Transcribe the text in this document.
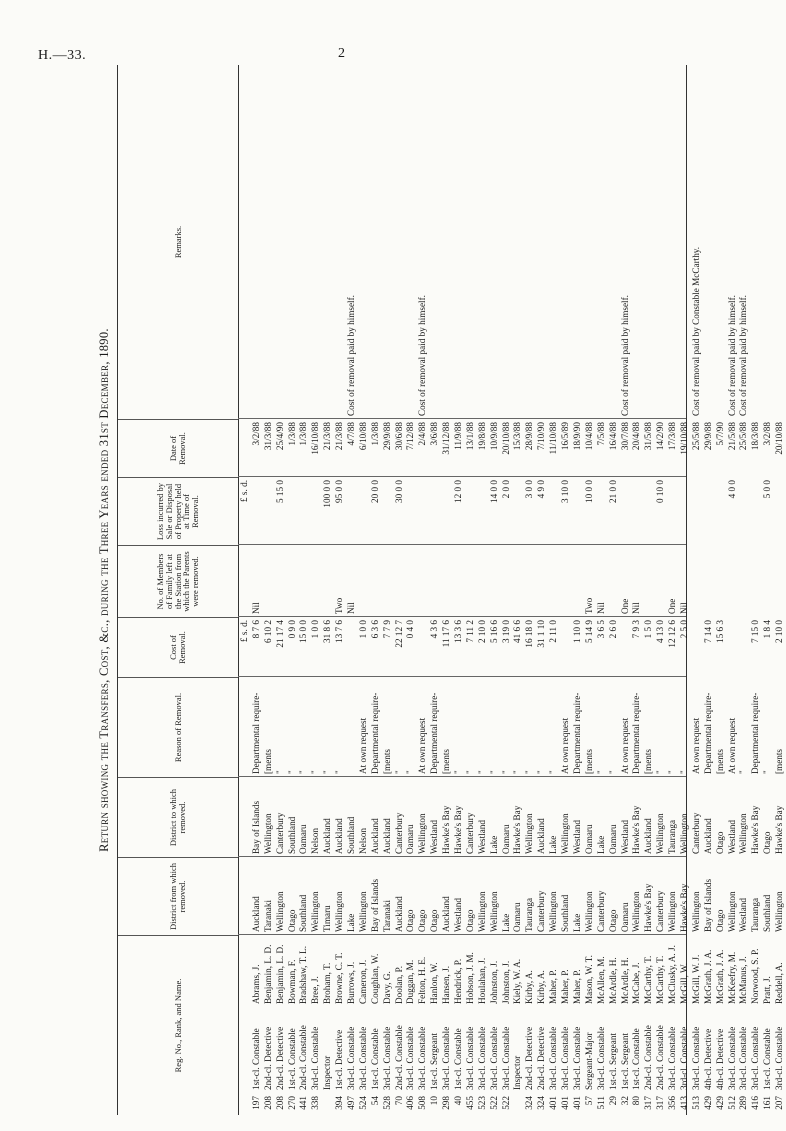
H.—33.	2
Return showing the Transfers, Cost, &c., during the Three Years ended 31st December, 1890.
Reg. No., Rank, and Name.
District from which removed.
District to which removed.
Reason of Removal.
Cost of Removal.
No. of Members of Family left at the Station from which the Parents were removed.
Loss incurred by Sale or Disposal of Property held at Time of Removal.
Date of Removal.
Remarks.
£ s. d.
£ s. d.
197
1st-cl. Constable
Abrams, J.
Auckland
Bay of Islands
Departmental require-
8 7 6
Nil
3/2/88
208
2nd-cl. Detective
Benjamin, L. D.
Taranaki
Wellington
[ments
6 10 2
31/3/88
208
2nd-cl. Detective
Benjamin, L. D.
Wellington
Canterbury
"
21 17 4
5 15 0
25/4/90
270
1st-cl. Constable
Bowman, F.
Otago
Southland
"
0 9 0
1/3/88
441
2nd-cl. Constable
Bradshaw, T. L.
Southland
Oamaru
"
15 0 0
1/3/88
338
3rd-cl. Constable
Bree, J.
Wellington
Nelson
"
1 0 0
16/10/88
Inspector
Broham, T.
Timaru
Auckland
"
31 8 6
100 0 0
21/3/88
394
1st-cl. Detective
Browne, C. T.
Wellington
Auckland
"
13 7 6
Two
95 0 0
21/3/88
497
3rd-cl. Constable
Burrows, J.
Lake
Southland
Nil
4/7/88
Cost of removal paid by himself.
524
3rd-cl. Constable
Cameron, J.
Wellington
Nelson
At own request
1 0 0
6/10/88
54
1st-cl. Constable
Coughlan, W.
Bay of Islands
Auckland
Departmental require-
6 3 6
20 0 0
1/3/88
528
3rd-cl. Constable
Davy, G.
Taranaki
Auckland
[ments
7 7 9
29/9/88
70
2nd-cl. Constable
Doolan, P.
Auckland
Canterbury
"
22 12 7
30 0 0
30/6/88
406
3rd-cl. Constable
Duggan, M.
Otago
Oamaru
"
0 4 0
7/12/88
508
3rd-cl. Constable
Felton, H. E.
Otago
Wellington
At own request
2/4/88
Cost of removal paid by himself.
10
1st-cl. Sergeant
Hanlon, W.
Otago
Westland
Departmental require-
4 3 6
3/6/88
298
3rd-cl. Constable
Hansen, J.
Auckland
Hawke's Bay
[ments
11 17 6
31/12/88
40
1st-cl. Constable
Hendrick, P.
Westland
Hawke's Bay
"
13 3 6
12 0 0
11/9/88
455
3rd-cl. Constable
Hobson, J. M.
Otago
Canterbury
"
7 11 2
13/1/88
523
3rd-cl. Constable
Houlahan, J.
Wellington
Westland
"
2 10 0
19/8/88
522
3rd-cl. Constable
Johnston, J.
Wellington
Lake
"
5 16 6
14 0 0
10/9/88
522
3rd-cl. Constable
Johnston, J.
Lake
Oamaru
"
3 19 0
2 0 0
20/10/88
Inspector
Kiely, W. A.
Oamaru
Hawke's Bay
"
41 6 6
15/3/88
324
2nd-cl. Detective
Kirby, A.
Tauranga
Wellington
"
16 18 0
3 0 0
28/9/88
324
2nd-cl. Detective
Kirby, A.
Canterbury
Auckland
"
31 1 10
4 9 0
7/10/90
401
3rd-cl. Constable
Maher, P.
Wellington
Lake
"
2 11 0
11/10/88
401
3rd-cl. Constable
Maher, P.
Southland
Wellington
At own request
3 10 0
16/5/89
401
3rd-cl. Constable
Maher, P.
Lake
Westland
Departmental require-
1 10 0
18/9/90
57
Sergeant-Major
Mason, W. T.
Wellington
Oamaru
[ments
5 14 9
Two
10 0 0
10/4/88
511
3rd-cl. Constable
McAllen, M.
Canterbury
Lake
"
3 6 5
Nil
7/5/88
29
1st-cl. Sergeant
McArdle, H.
Otago
Oamaru
"
2 6 0
21 0 0
16/4/88
32
1st-cl. Sergeant
McArdle, H.
Oamaru
Westland
At own request
One
30/7/88
Cost of removal paid by himself.
80
1st-cl. Constable
McCabe, J.
Wellington
Hawke's Bay
Departmental require-
7 9 3
Nil
20/4/88
317
2nd-cl. Constable
McCarthy, T.
Hawke's Bay
Auckland
[ments
1 5 0
31/5/88
317
2nd-cl. Constable
McCarthy, T.
Canterbury
Wellington
"
4 13 0
0 10 0
14/2/90
356
3rd-cl. Constable
McClusky, A. J.
Wellington
Tauranga
"
12 12 6
One
17/3/88
413
3rd-cl. Constable
McGill, W.
Hawke's Bay
Wellington
"
2 5 0
Nil
19/10/88
513
3rd-cl. Constable
McGill, W. J.
Wellington
Canterbury
At own request
25/5/88
Cost of removal paid by Constable McCarthy.
429
4th-cl. Detective
McGrath, J. A.
Bay of Islands
Auckland
Departmental require-
7 14 0
29/9/88
429
4th-cl. Detective
McGrath, J. A.
Otago
Otago
[ments
15 6 3
5/7/90
512
3rd-cl. Constable
McKeefry, M.
Wellington
Westland
At own request
4 0 0
21/5/88
Cost of removal paid by himself.
289
3rd-cl. Constable
McManus, J.
Westland
Wellington
"
25/5/88
Cost of removal paid by himself.
416
3rd-cl. Constable
Norwood, S. P.
Tauranga
Hawke's Bay
Departmental require-
7 15 0
18/3/88
161
1st-cl. Constable
Pratt, J.
Southland
Otago
"
1 8 4
5 0 0
3/2/88
207
3rd-cl. Constable
Reddell, A.
Wellington
Hawke's Bay
[ments
2 10 0
20/10/88
